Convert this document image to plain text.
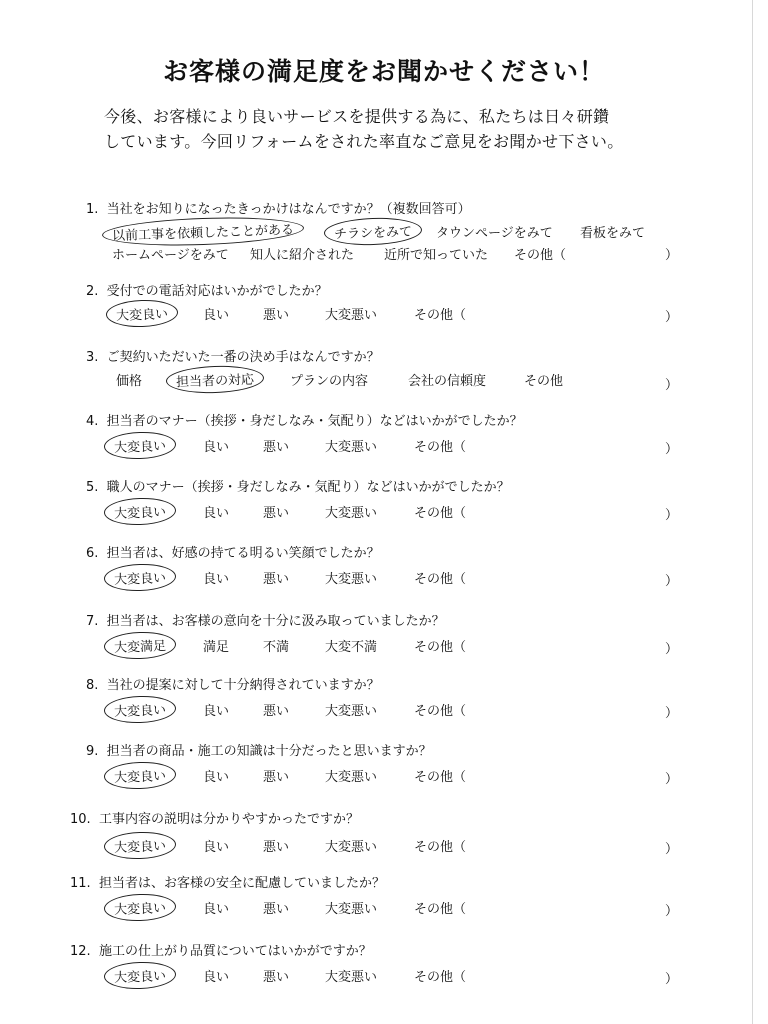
お客様の満足度をお聞かせください！
今後、お客様により良いサービスを提供する為に、私たちは日々研鑽
しています。今回リフォームをされた率直なご意見をお聞かせ下さい。
1. 当社をお知りになったきっかけはなんですか？（複数回答可）
以前工事を依頼したことがある	チラシをみて	タウンページをみて 看板をみて
ホームページをみて 知人に紹介された 近所で知っていた その他（	）
2. 受付での電話対応はいかがでしたか？
大変良い	良い	悪い	大変悪い	その他（	）
3. ご契約いただいた一番の決め手はなんですか？
価格	担当者の対応	プランの内容	会社の信頼度	その他	）
4. 担当者のマナー（挨拶・身だしなみ・気配り）などはいかがでしたか？
大変良い	良い	悪い	大変悪い	その他（	）
5. 職人のマナー（挨拶・身だしなみ・気配り）などはいかがでしたか？
大変良い	良い	悪い	大変悪い	その他（	）
6. 担当者は、好感の持てる明るい笑顔でしたか？
大変良い	良い	悪い	大変悪い	その他（	）
7. 担当者は、お客様の意向を十分に汲み取っていましたか？
大変満足	満足	不満	大変不満	その他（	）
8. 当社の提案に対して十分納得されていますか？
大変良い	良い	悪い	大変悪い	その他（	）
9. 担当者の商品・施工の知識は十分だったと思いますか？
大変良い	良い	悪い	大変悪い	その他（	）
10. 工事内容の説明は分かりやすかったですか？
大変良い	良い	悪い	大変悪い	その他（	）
11. 担当者は、お客様の安全に配慮していましたか？
大変良い	良い	悪い	大変悪い	その他（	）
12. 施工の仕上がり品質についてはいかがですか？
大変良い	良い	悪い	大変悪い	その他（	）
